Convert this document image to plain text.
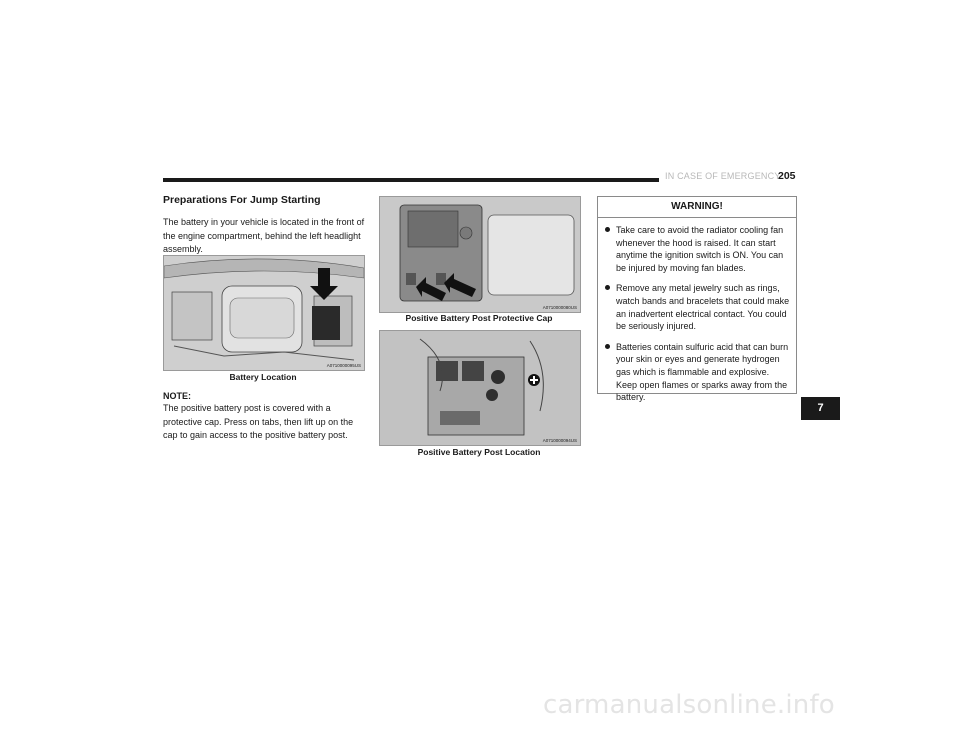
IN CASE OF EMERGENCY
205
Preparations For Jump Starting

The battery in your vehicle is located in the front of the engine compartment, behind the left headlight assembly.

A0710000095US
Battery Location
NOTE:

The positive battery post is covered with a protective cap. Press on tabs, then lift up on the cap to gain access to the positive battery post.

A0710000080US
Positive Battery Post Protective Cap
A0710000094US
Positive Battery Post Location
WARNING!
Take care to avoid the radiator cooling fan whenever the hood is raised. It can start anytime the ignition switch is ON. You can be injured by moving fan blades.
Remove any metal jewelry such as rings, watch bands and bracelets that could make an inadvertent electrical contact. You could be seriously injured.
Batteries contain sulfuric acid that can burn your skin or eyes and generate hydrogen gas which is flammable and explosive. Keep open flames or sparks away from the battery.
7
carmanualsonline.info
